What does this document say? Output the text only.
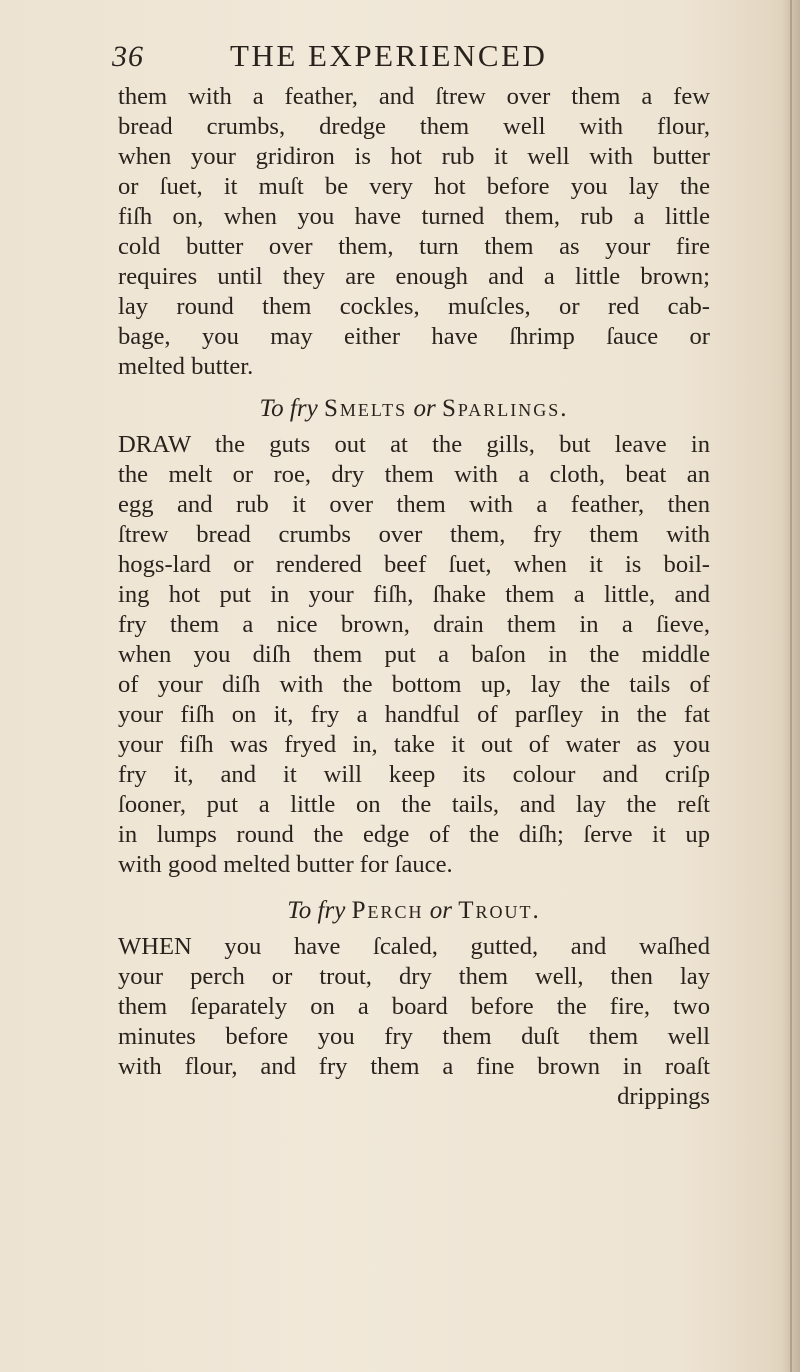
36	THE EXPERIENCED
them with a feather, and ſtrew over them a few
bread crumbs, dredge them well with flour,
when your gridiron is hot rub it well with butter
or ſuet, it muſt be very hot before you lay the
fiſh on, when you have turned them, rub a little
cold butter over them, turn them as your fire
requires until they are enough and a little brown;
lay round them cockles, muſcles, or red cab-
bage, you may either have ſhrimp ſauce or
melted butter.
To fry Smelts or Sparlings.
DRAW the guts out at the gills, but leave in
the melt or roe, dry them with a cloth, beat an
egg and rub it over them with a feather, then
ſtrew bread crumbs over them, fry them with
hogs-lard or rendered beef ſuet, when it is boil-
ing hot put in your fiſh, ſhake them a little, and
fry them a nice brown, drain them in a ſieve,
when you diſh them put a baſon in the middle
of your diſh with the bottom up, lay the tails of
your fiſh on it, fry a handful of parſley in the fat
your fiſh was fryed in, take it out of water as you
fry it, and it will keep its colour and criſp
ſooner, put a little on the tails, and lay the reſt
in lumps round the edge of the diſh; ſerve it up
with good melted butter for ſauce.
To fry Perch or Trout.
WHEN you have ſcaled, gutted, and waſhed
your perch or trout, dry them well, then lay
them ſeparately on a board before the fire, two
minutes before you fry them duſt them well
with flour, and fry them a fine brown in roaſt
drippings
